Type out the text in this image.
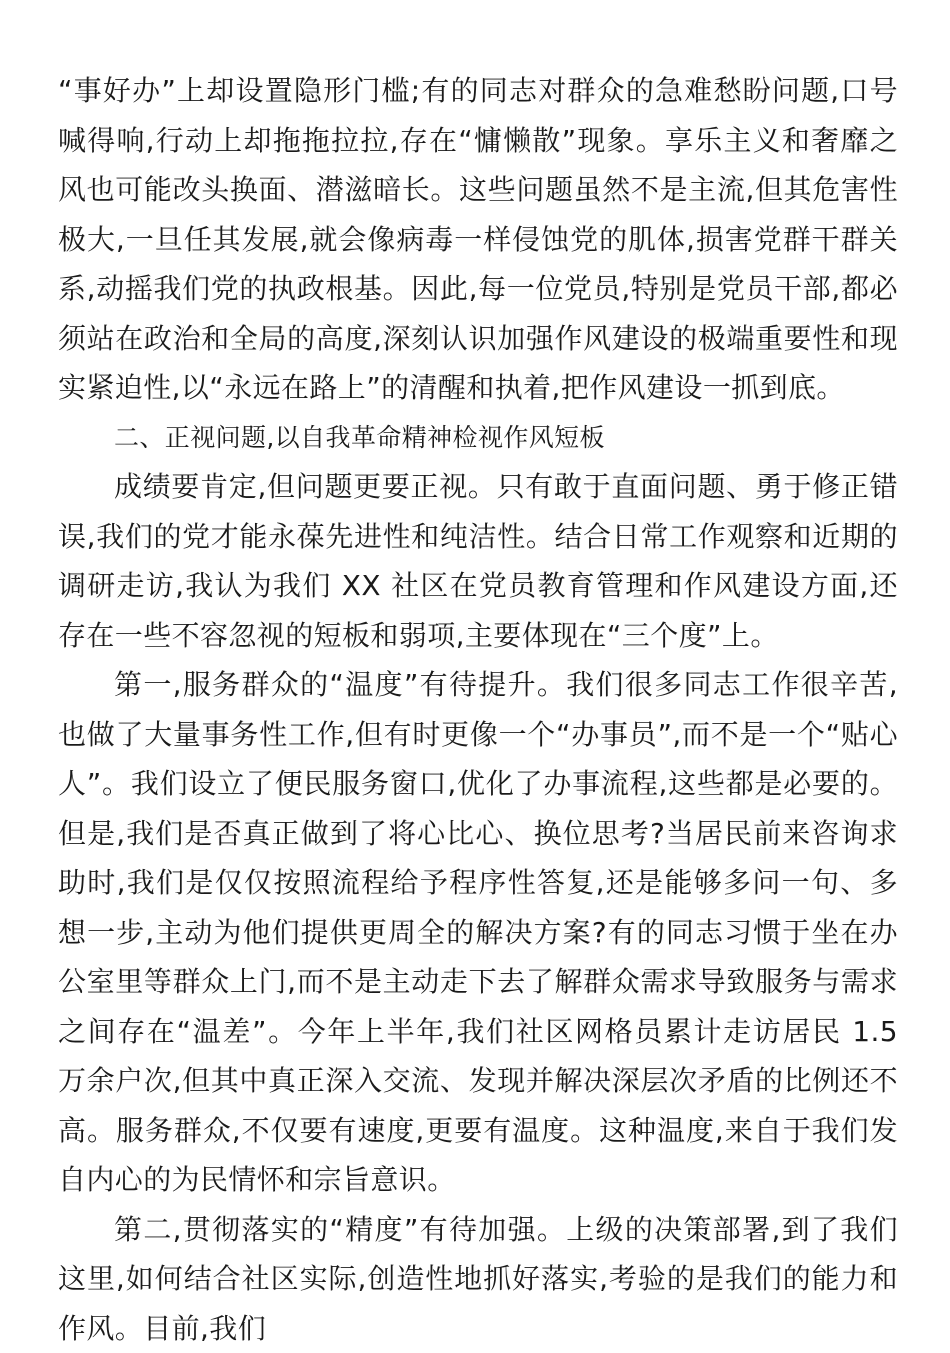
“事好办”上却设置隐形门槛;有的同志对群众的急难愁盼问题,口号喊得响,行动上却拖拖拉拉,存在“慵懒散”现象。享乐主义和奢靡之风也可能改头换面、潜滋暗长。这些问题虽然不是主流,但其危害性极大,一旦任其发展,就会像病毒一样侵蚀党的肌体,损害党群干群关系,动摇我们党的执政根基。因此,每一位党员,特别是党员干部,都必须站在政治和全局的高度,深刻认识加强作风建设的极端重要性和现实紧迫性,以“永远在路上”的清醒和执着,把作风建设一抓到底。

二、正视问题,以自我革命精神检视作风短板

成绩要肯定,但问题更要正视。只有敢于直面问题、勇于修正错误,我们的党才能永葆先进性和纯洁性。结合日常工作观察和近期的调研走访,我认为我们 XX 社区在党员教育管理和作风建设方面,还存在一些不容忽视的短板和弱项,主要体现在“三个度”上。

第一,服务群众的“温度”有待提升。我们很多同志工作很辛苦,也做了大量事务性工作,但有时更像一个“办事员”,而不是一个“贴心人”。我们设立了便民服务窗口,优化了办事流程,这些都是必要的。但是,我们是否真正做到了将心比心、换位思考?当居民前来咨询求助时,我们是仅仅按照流程给予程序性答复,还是能够多问一句、多想一步,主动为他们提供更周全的解决方案?有的同志习惯于坐在办公室里等群众上门,而不是主动走下去了解群众需求导致服务与需求之间存在“温差”。今年上半年,我们社区网格员累计走访居民 1.5 万余户次,但其中真正深入交流、发现并解决深层次矛盾的比例还不高。服务群众,不仅要有速度,更要有温度。这种温度,来自于我们发自内心的为民情怀和宗旨意识。

第二,贯彻落实的“精度”有待加强。上级的决策部署,到了我们这里,如何结合社区实际,创造性地抓好落实,考验的是我们的能力和作风。目前,我们
